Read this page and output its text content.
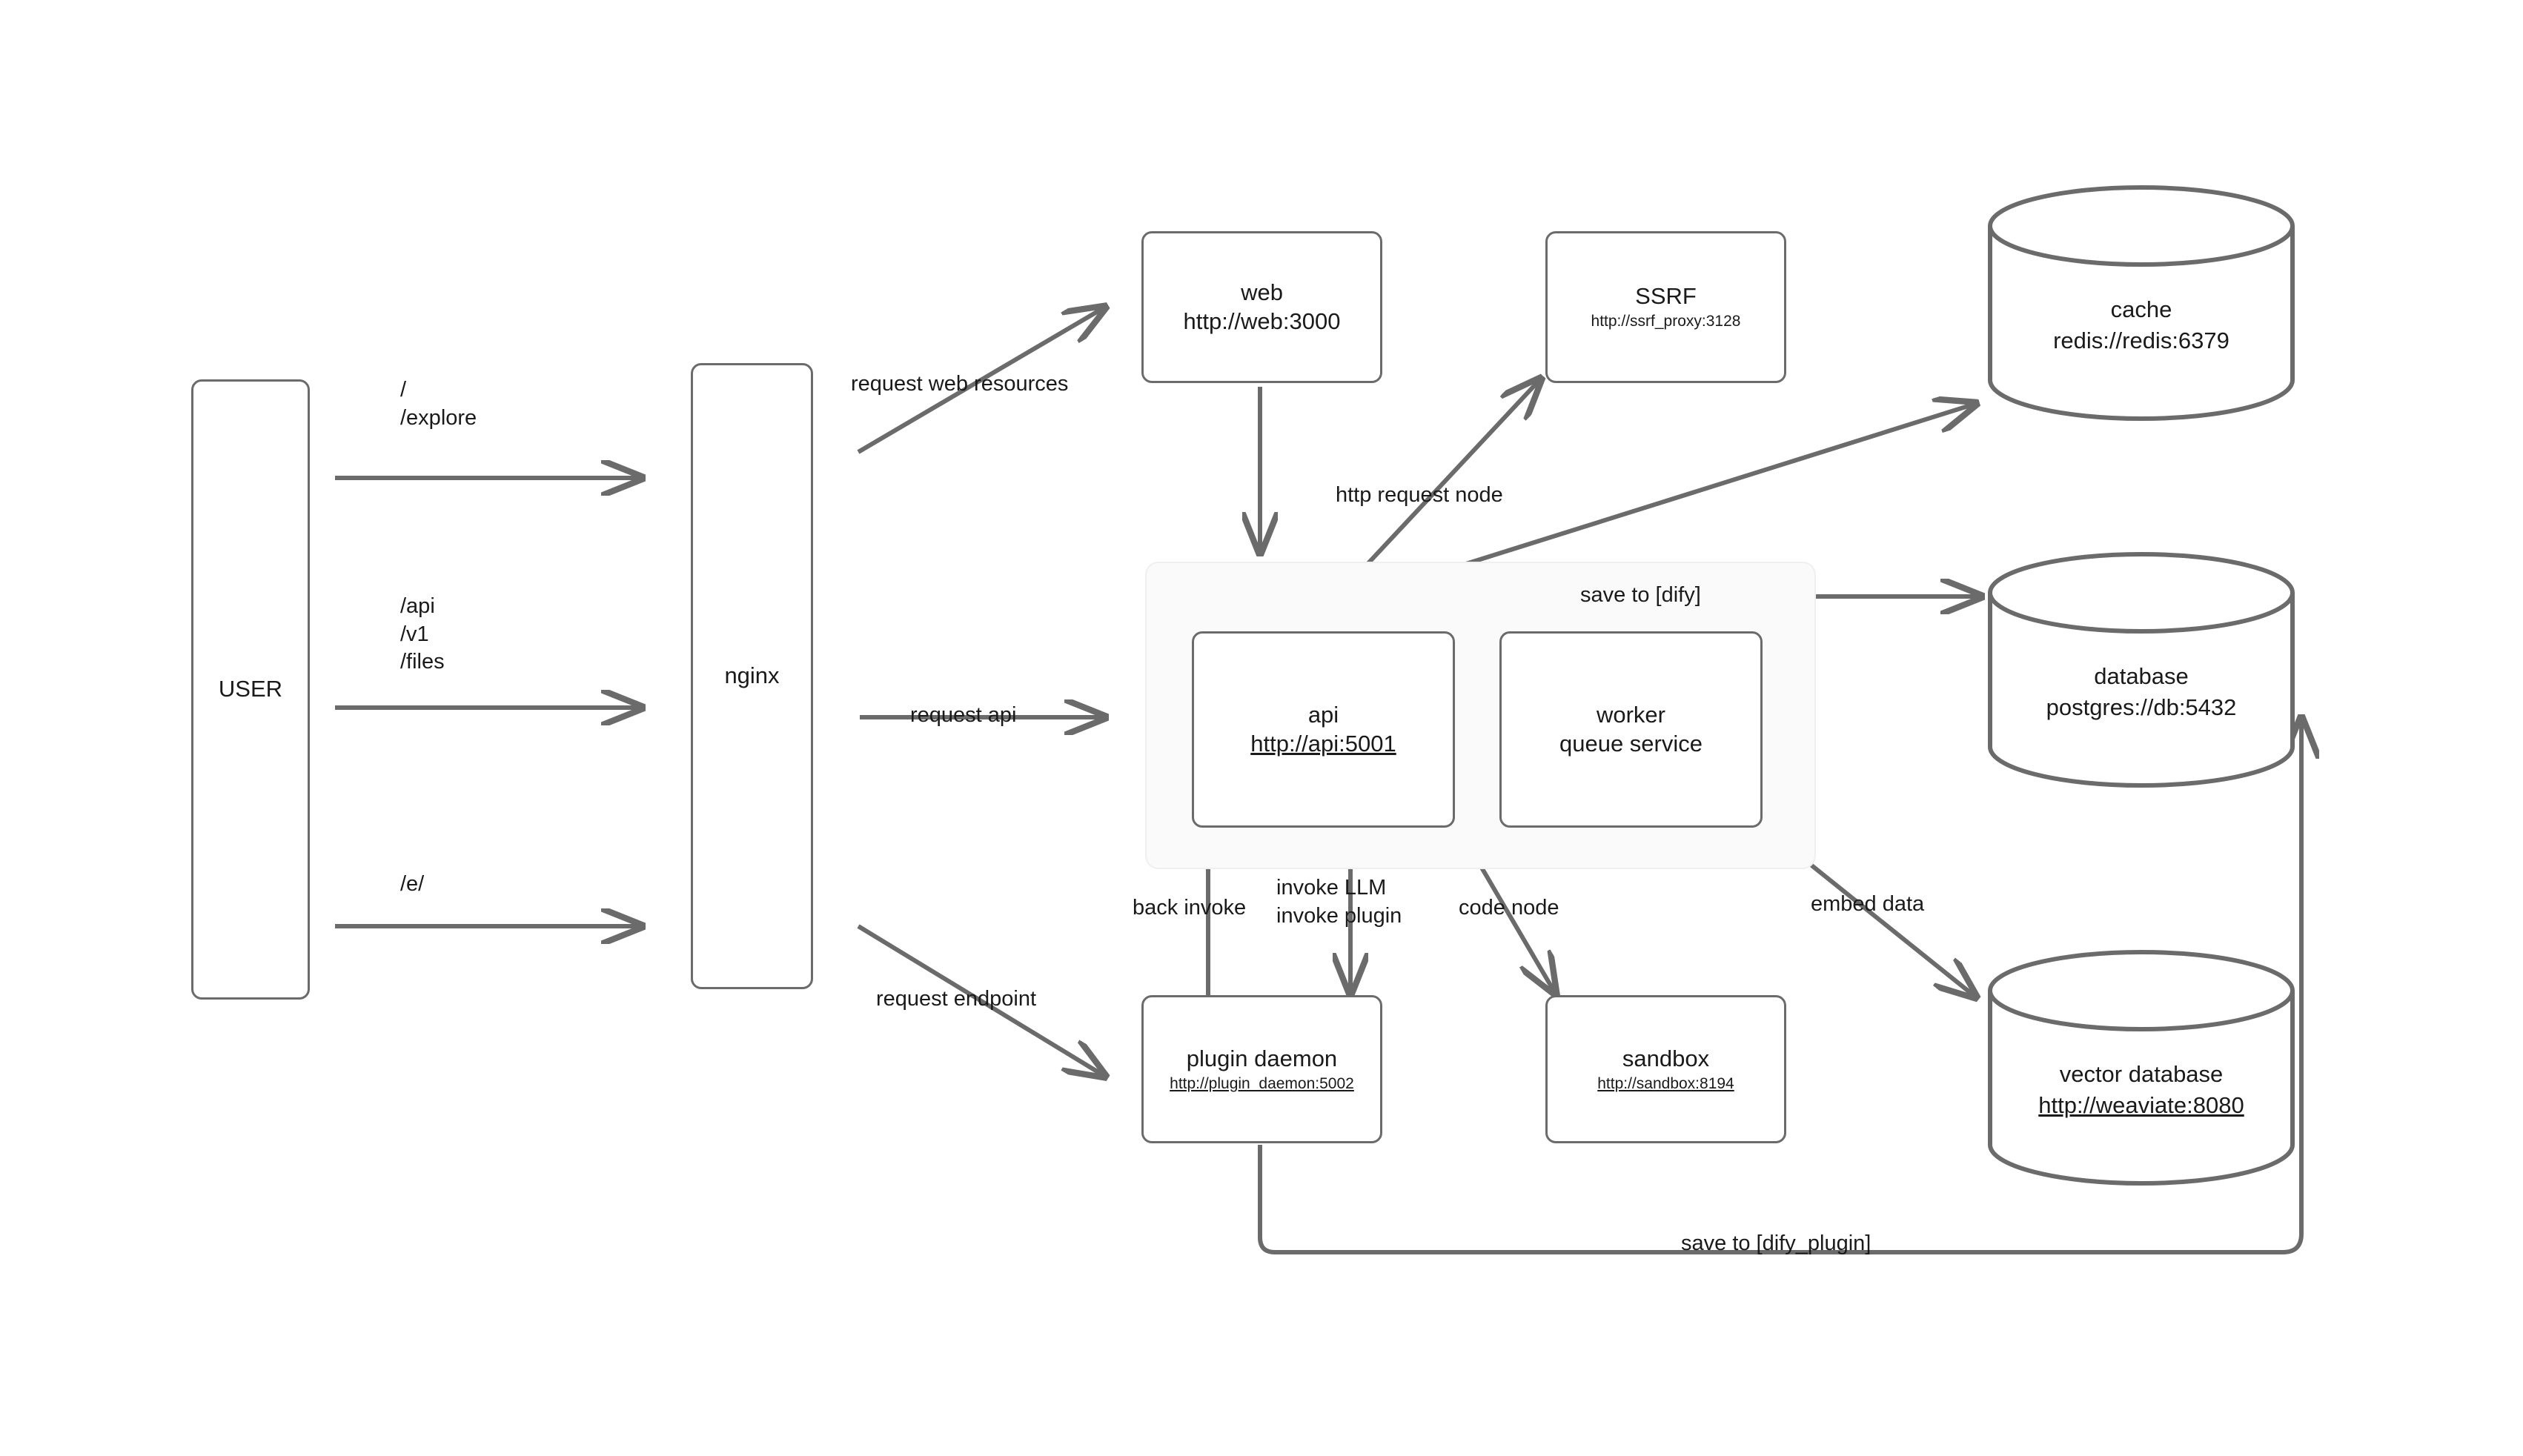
USER
nginx
web
http://web:3000
SSRF
http://ssrf_proxy:3128
api
http://api:5001
worker
queue service
plugin daemon
http://plugin_daemon:5002
sandbox
http://sandbox:8194
cache
redis://redis:6379
database
postgres://db:5432
vector database
http://weaviate:8080
/
/explore
/api
/v1
/files
/e/
request web resources
request api
request endpoint
http request node
save to [dify]
back invoke
invoke LLM
invoke plugin	code node	embed data
save to [dify_plugin]
